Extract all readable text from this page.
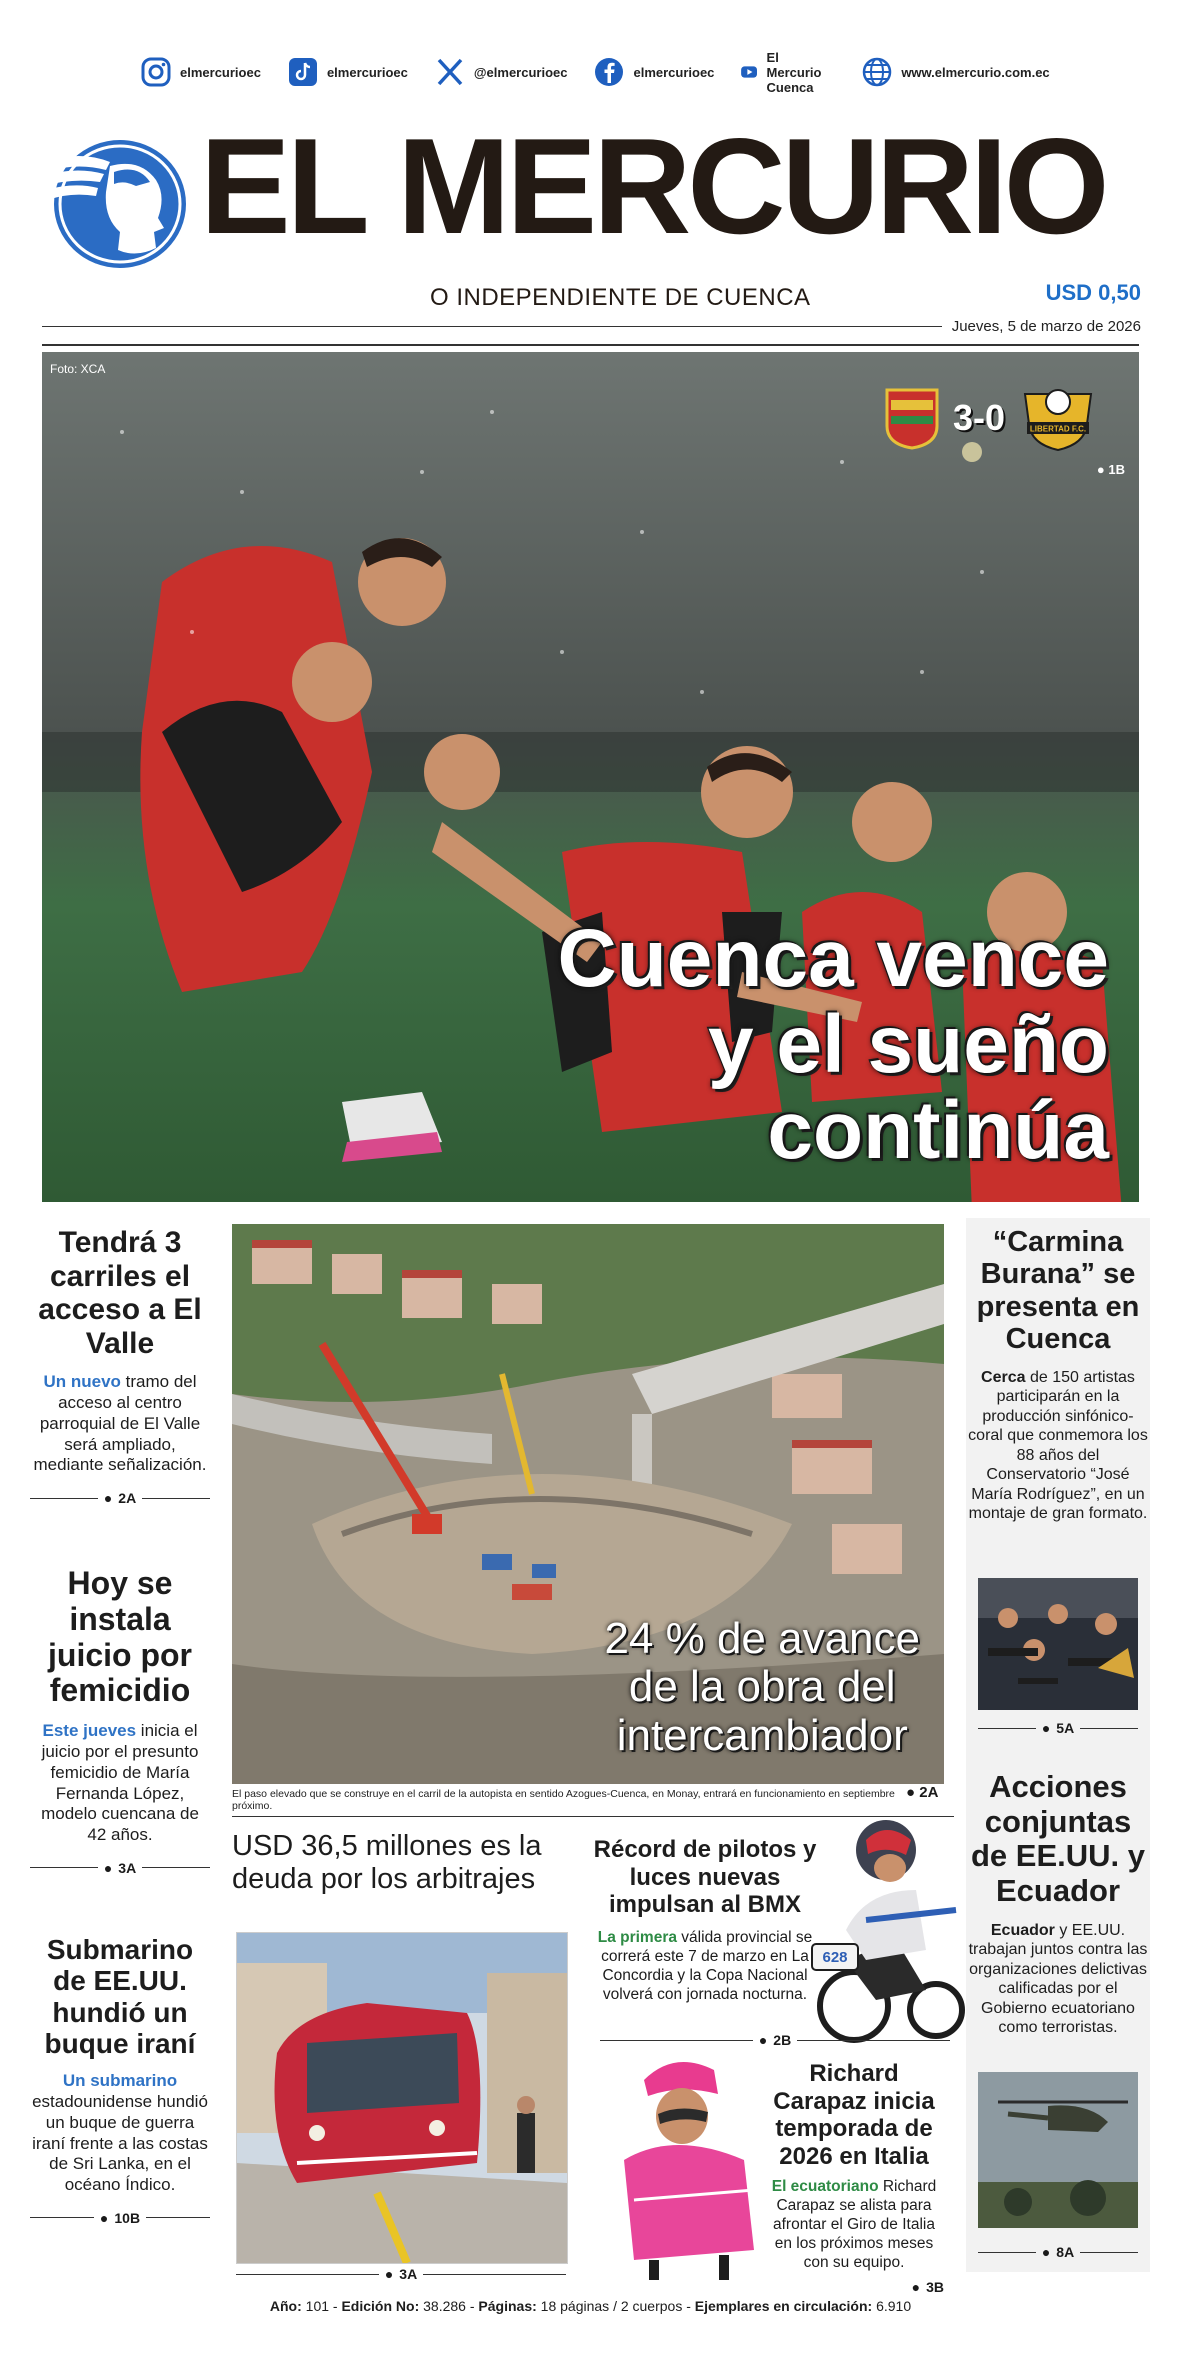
elmercurioec	elmercurioec	@elmercurioec	elmercurioec
El Mercurio Cuenca
www.elmercurio.com.ec
EL MERCURIO
O INDEPENDIENTE DE CUENCA	USD 0,50
Jueves, 5 de marzo de 2026
Foto: XCA
3-0	LIBERTAD F.C.
● 1B
Cuenca vence
y el sueño
continúa
Tendrá 3 carriles el acceso a El Valle
Un nuevo tramo del acceso al centro parroquial de El Valle será ampliado, mediante señalización.
● 2A
Hoy se instala juicio por femicidio
Este jueves inicia el juicio por el presunto femicidio de María Fernanda López, modelo cuencana de 42 años.
● 3A
Submarino de EE.UU. hundió un buque iraní
Un submarino estadounidense hundió un buque de guerra iraní frente a las costas de Sri Lanka, en el océano Índico.
● 10B
24 % de avance
de la obra del
intercambiador
El paso elevado que se construye en el carril de la autopista en sentido Azogues-Cuenca, en Monay, entrará en funcionamiento en septiembre próximo.
● 2A
USD 36,5 millones es la deuda por los arbitrajes
● 3A
Récord de pilotos y luces nuevas impulsan al BMX
La primera válida provincial se correrá este 7 de marzo en La Concordia y la Copa Nacional volverá con jornada nocturna.
628
● 2B
Richard Carapaz inicia temporada de 2026 en Italia
El ecuatoriano Richard Carapaz se alista para afrontar el Giro de Italia en los próximos meses con su equipo.
● 3B
“Carmina Burana” se presenta en Cuenca
Cerca de 150 artistas participarán en la producción sinfónico-coral que conmemora los 88 años del Conservatorio “José María Rodríguez”, en un montaje de gran formato.
● 5A
Acciones conjuntas de EE.UU. y Ecuador
Ecuador y EE.UU. trabajan juntos contra las organizaciones delictivas calificadas por el Gobierno ecuatoriano como terroristas.
● 8A
Año: 101 - Edición No: 38.286 - Páginas: 18 páginas / 2 cuerpos - Ejemplares en circulación: 6.910
